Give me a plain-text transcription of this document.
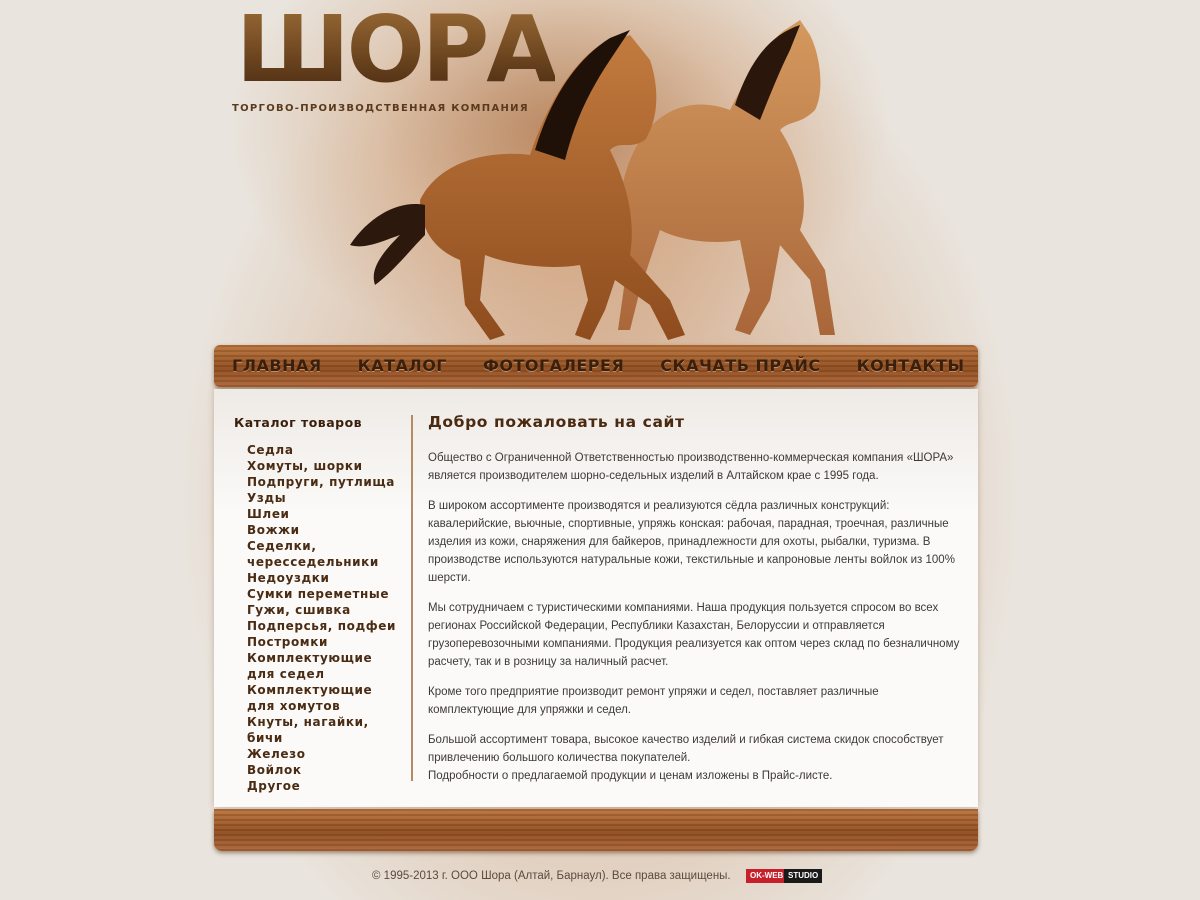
ШОРА
ТОРГОВО-ПРОИЗВОДСТВЕННАЯ КОМПАНИЯ
ГЛАВНАЯ	КАТАЛОГ	ФОТОГАЛЕРЕЯ	СКАЧАТЬ ПРАЙС	КОНТАКТЫ
Каталог товаров
Седла
Хомуты, шорки
Подпруги, путлища
Узды
Шлеи
Вожжи
Седелки, чересседельники
Недоуздки
Сумки переметные
Гужи, сшивка
Подперсья, подфеи
Постромки
Комплектующие для седел
Комплектующие для хомутов
Кнуты, нагайки, бичи
Железо
Войлок
Другое
Добро пожаловать на сайт

Общество с Ограниченной Ответственностью производственно-коммерческая компания «ШОРА» является производителем шорно-седельных изделий в Алтайском крае с 1995 года.

В широком ассортименте производятся и реализуются сёдла различных конструкций: кавалерийские, вьючные, спортивные, упряжь конская: рабочая, парадная, троечная, различные изделия из кожи, снаряжения для байкеров, принадлежности для охоты, рыбалки, туризма. В производстве используются натуральные кожи, текстильные и капроновые ленты войлок из 100% шерсти.

Мы сотрудничаем с туристическими компаниями. Наша продукция пользуется спросом во всех регионах Российской Федерации, Республики Казахстан, Белоруссии и отправляется грузоперевозочными компаниями. Продукция реализуется как оптом через склад по безналичному расчету, так и в розницу за наличный расчет.

Кроме того предприятие производит ремонт упряжи и седел, поставляет различные комплектующие для упряжки и седел.

Большой ассортимент товара, высокое качество изделий и гибкая система скидок способствует привлечению большого количества покупателей.

Подробности о предлагаемой продукции и ценам изложены в Прайс-листе.

© 1995-2013 г. ООО Шора (Алтай, Барнаул). Все права защищены.	OK-WEB STUDIO
